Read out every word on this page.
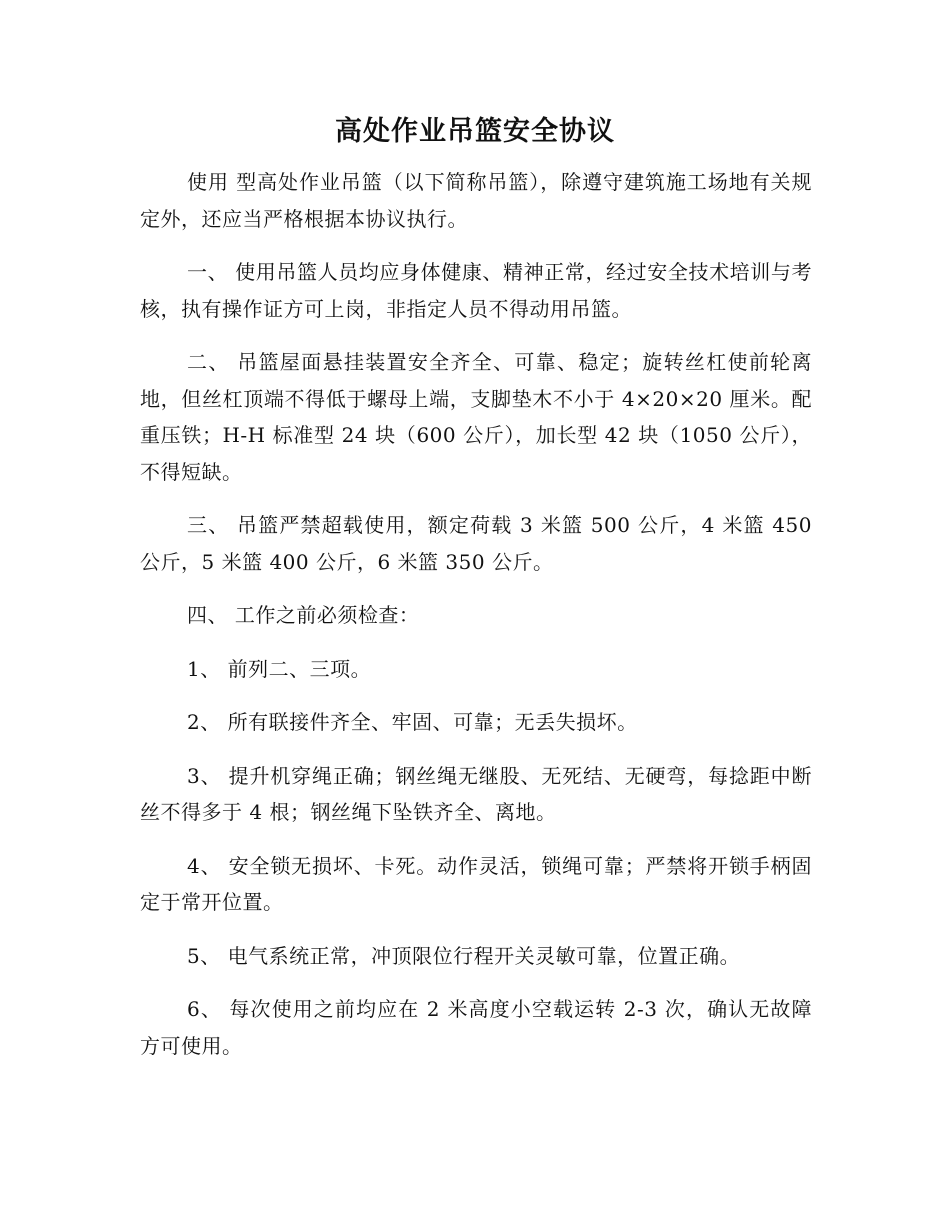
高处作业吊篮安全协议

使用 型高处作业吊篮（以下简称吊篮），除遵守建筑施工场地有关规定外，还应当严格根据本协议执行。

一、 使用吊篮人员均应身体健康、精神正常，经过安全技术培训与考核，执有操作证方可上岗，非指定人员不得动用吊篮。

二、 吊篮屋面悬挂装置安全齐全、可靠、稳定；旋转丝杠使前轮离地，但丝杠顶端不得低于螺母上端，支脚垫木不小于 4×20×20 厘米。配重压铁；H-H 标准型 24 块（600 公斤），加长型 42 块（1050 公斤），不得短缺。

三、 吊篮严禁超载使用，额定荷载 3 米篮 500 公斤，4 米篮 450 公斤，5 米篮 400 公斤，6 米篮 350 公斤。

四、 工作之前必须检查：

1、 前列二、三项。

2、 所有联接件齐全、牢固、可靠；无丢失损坏。

3、 提升机穿绳正确；钢丝绳无继股、无死结、无硬弯，每捻距中断丝不得多于 4 根；钢丝绳下坠铁齐全、离地。

4、 安全锁无损坏、卡死。动作灵活，锁绳可靠；严禁将开锁手柄固定于常开位置。

5、 电气系统正常，冲顶限位行程开关灵敏可靠，位置正确。

6、 每次使用之前均应在 2 米高度小空载运转 2-3 次，确认无故障方可使用。
